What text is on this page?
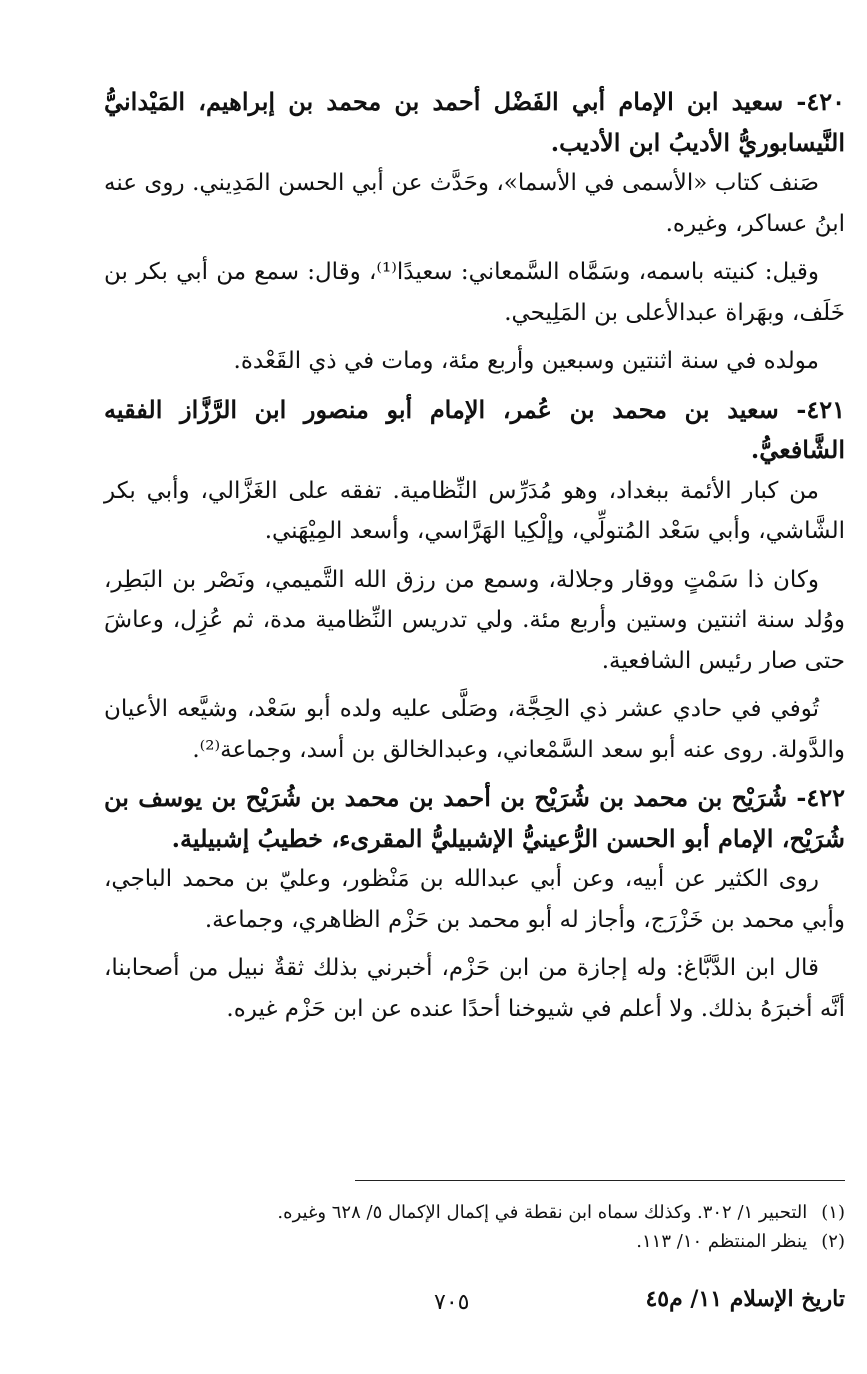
٤٢٠- سعيد ابن الإمام أبي الفَضْل أحمد بن محمد بن إبراهيم، المَيْدانيُّ النَّيسابوريُّ الأديبُ ابن الأديب.

صَنف كتاب «الأسمى في الأسما»، وحَدَّث عن أبي الحسن المَدِيني. روى عنه ابنُ عساكر، وغيره.

وقيل: كنيته باسمه، وسَمَّاه السَّمعاني: سعيدًا⁽¹⁾، وقال: سمع من أبي بكر بن خَلَف، وبهَراة عبدالأعلى بن المَلِيحي.

مولده في سنة اثنتين وسبعين وأربع مئة، ومات في ذي القَعْدة.

٤٢١- سعيد بن محمد بن عُمر، الإمام أبو منصور ابن الرَّزَّاز الفقيه الشَّافعيُّ.

من كبار الأئمة ببغداد، وهو مُدَرِّس النِّظامية. تفقه على الغَزَّالي، وأبي بكر الشَّاشي، وأبي سَعْد المُتولِّي، وإلْكِيا الهَرَّاسي، وأسعد المِيْهَني.

وكان ذا سَمْتٍ ووقار وجلالة، وسمع من رزق الله التَّميمي، ونَصْر بن البَطِر، ووُلد سنة اثنتين وستين وأربع مئة. ولي تدريس النِّظامية مدة، ثم عُزِل، وعاشَ حتى صار رئيس الشافعية.

تُوفي في حادي عشر ذي الحِجَّة، وصَلَّى عليه ولده أبو سَعْد، وشيَّعه الأعيان والدَّولة. روى عنه أبو سعد السَّمْعاني، وعبدالخالق بن أسد، وجماعة⁽²⁾.

٤٢٢- شُرَيْح بن محمد بن شُرَيْح بن أحمد بن محمد بن شُرَيْح بن يوسف بن شُرَيْح، الإمام أبو الحسن الرُّعينيُّ الإشبيليُّ المقرىء، خطيبُ إشبيلية.

روى الكثير عن أبيه، وعن أبي عبدالله بن مَنْظور، وعليّ بن محمد الباجي، وأبي محمد بن خَزْرَج، وأجاز له أبو محمد بن حَزْم الظاهري، وجماعة.

قال ابن الدَّبَّاغ: وله إجازة من ابن حَزْم، أخبرني بذلك ثقةٌ نبيل من أصحابنا، أنَّه أخبرَهُ بذلك. ولا أعلم في شيوخنا أحدًا عنده عن ابن حَزْم غيره.

(١)
التحبير ١/ ٣٠٢. وكذلك سماه ابن نقطة في إكمال الإكمال ٥/ ٦٢٨ وغيره.
(٢)
ينظر المنتظم ١٠/ ١١٣.
تاريخ الإسلام ١١/ م٤٥
٧٠٥
